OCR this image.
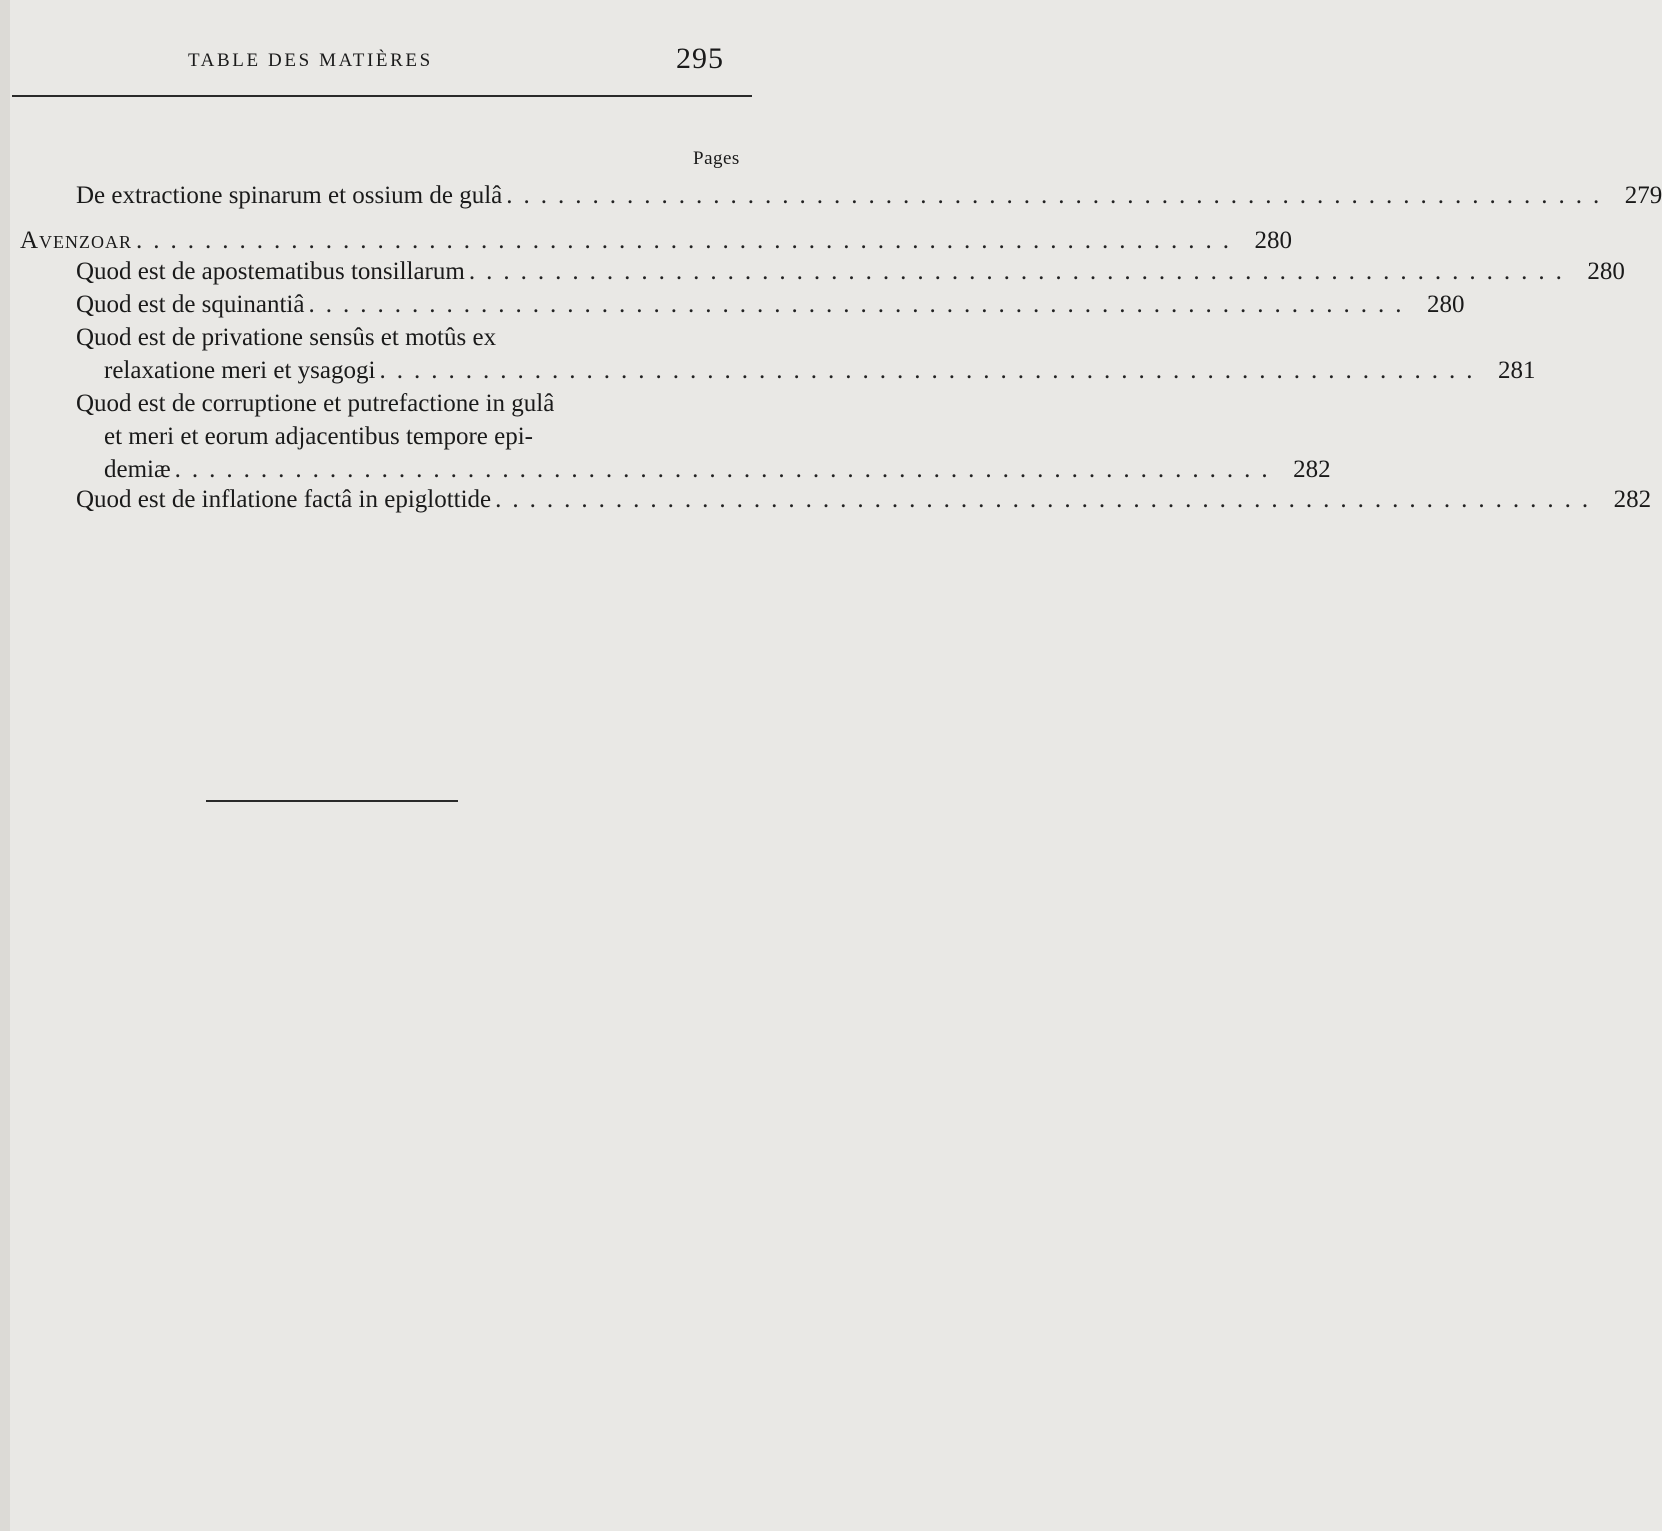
TABLE DES MATIÈRES	295
Pages
De extractione spinarum et ossium de gulâ ................................................................ 279
Avenzoar ................................................................ 280
Quod est de apostematibus tonsillarum ................................................................ 280
Quod est de squinantiâ ................................................................ 280
Quod est de privatione sensûs et motûs ex
relaxatione meri et ysagogi ................................................................ 281
Quod est de corruptione et putrefactione in gulâ
et meri et eorum adjacentibus tempore epi-
demiæ ................................................................ 282
Quod est de inflatione factâ in epiglottide ................................................................ 282
